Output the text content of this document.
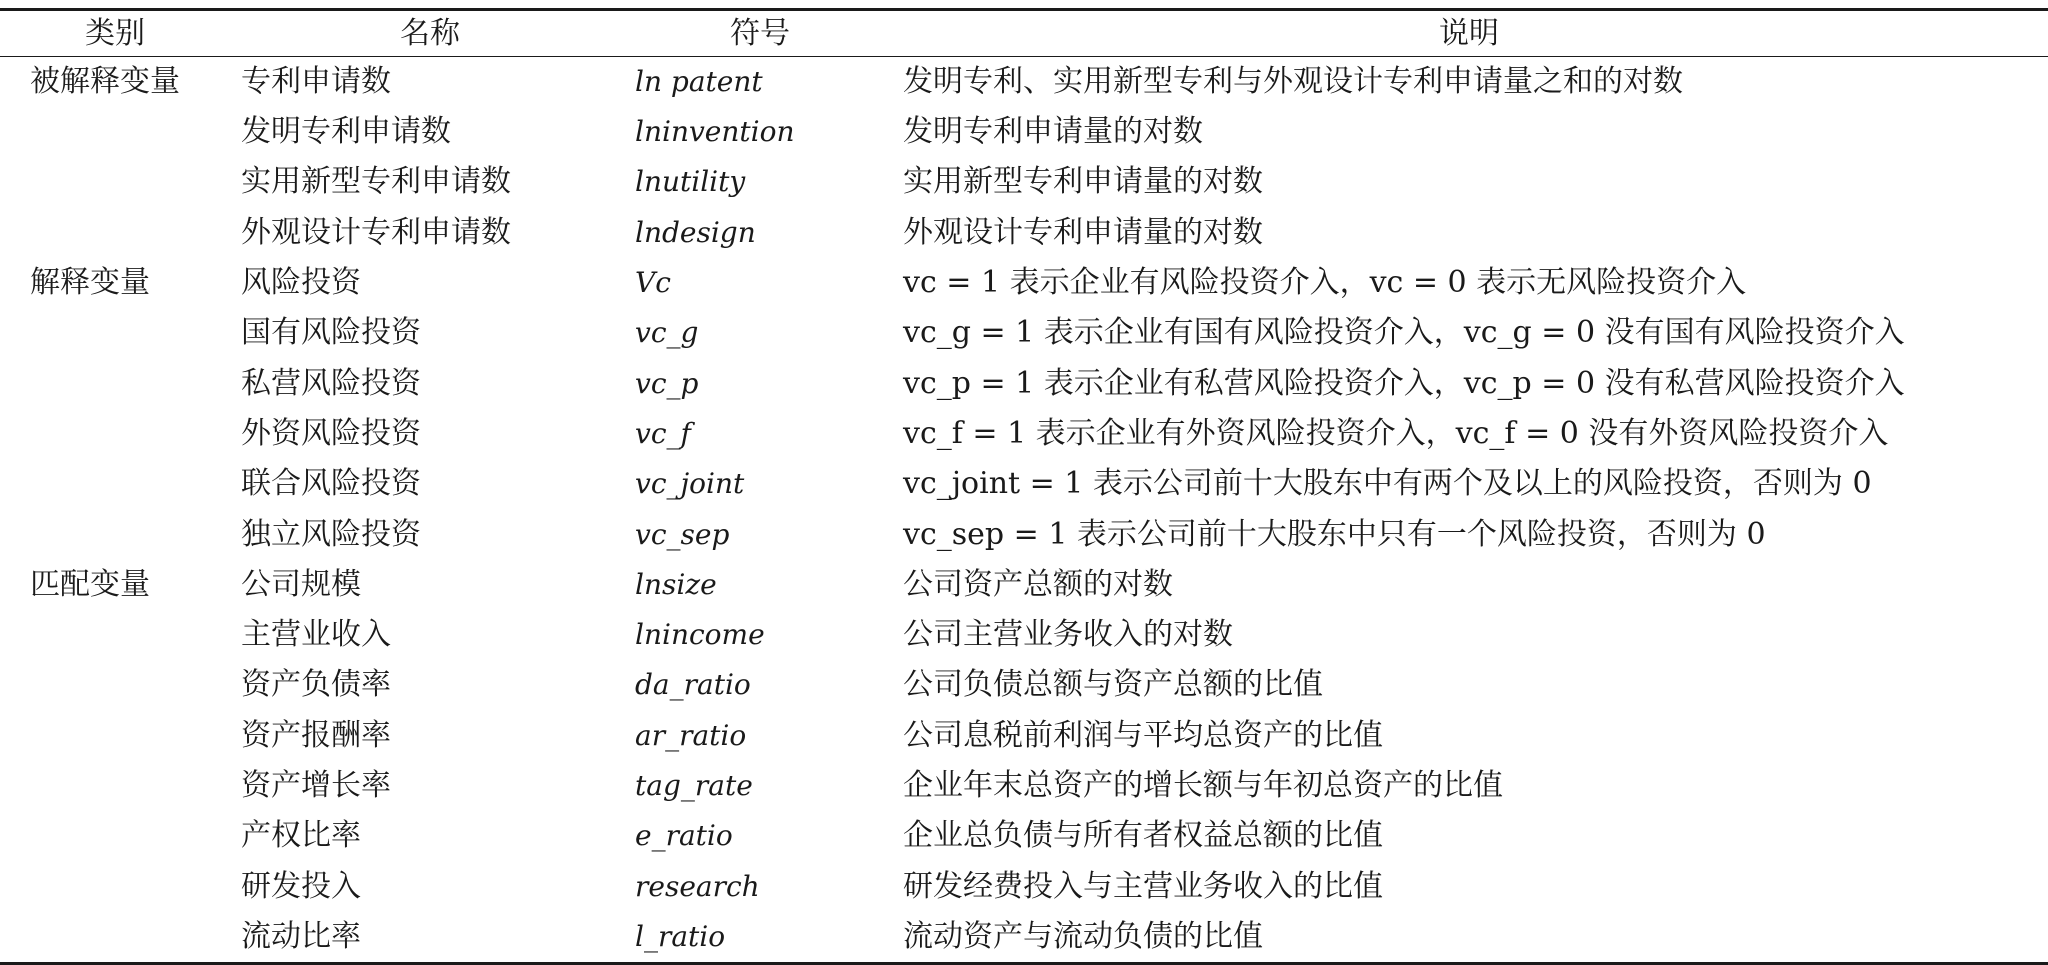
类别	名称	符号	说明
被解释变量	专利申请数	ln patent	发明专利、实用新型专利与外观设计专利申请量之和的对数
	发明专利申请数	lninvention	发明专利申请量的对数
	实用新型专利申请数	lnutility	实用新型专利申请量的对数
	外观设计专利申请数	lndesign	外观设计专利申请量的对数
解释变量	风险投资	Vc	vc = 1 表示企业有风险投资介入，vc = 0 表示无风险投资介入
	国有风险投资	vc_g	vc_g = 1 表示企业有国有风险投资介入，vc_g = 0 没有国有风险投资介入
	私营风险投资	vc_p	vc_p = 1 表示企业有私营风险投资介入，vc_p = 0 没有私营风险投资介入
	外资风险投资	vc_f	vc_f = 1 表示企业有外资风险投资介入，vc_f = 0 没有外资风险投资介入
	联合风险投资	vc_joint	vc_joint = 1 表示公司前十大股东中有两个及以上的风险投资，否则为 0
	独立风险投资	vc_sep	vc_sep = 1 表示公司前十大股东中只有一个风险投资，否则为 0
匹配变量	公司规模	lnsize	公司资产总额的对数
	主营业收入	lnincome	公司主营业务收入的对数
	资产负债率	da_ratio	公司负债总额与资产总额的比值
	资产报酬率	ar_ratio	公司息税前利润与平均总资产的比值
	资产增长率	tag_rate	企业年末总资产的增长额与年初总资产的比值
	产权比率	e_ratio	企业总负债与所有者权益总额的比值
	研发投入	research	研发经费投入与主营业务收入的比值
	流动比率	l_ratio	流动资产与流动负债的比值
